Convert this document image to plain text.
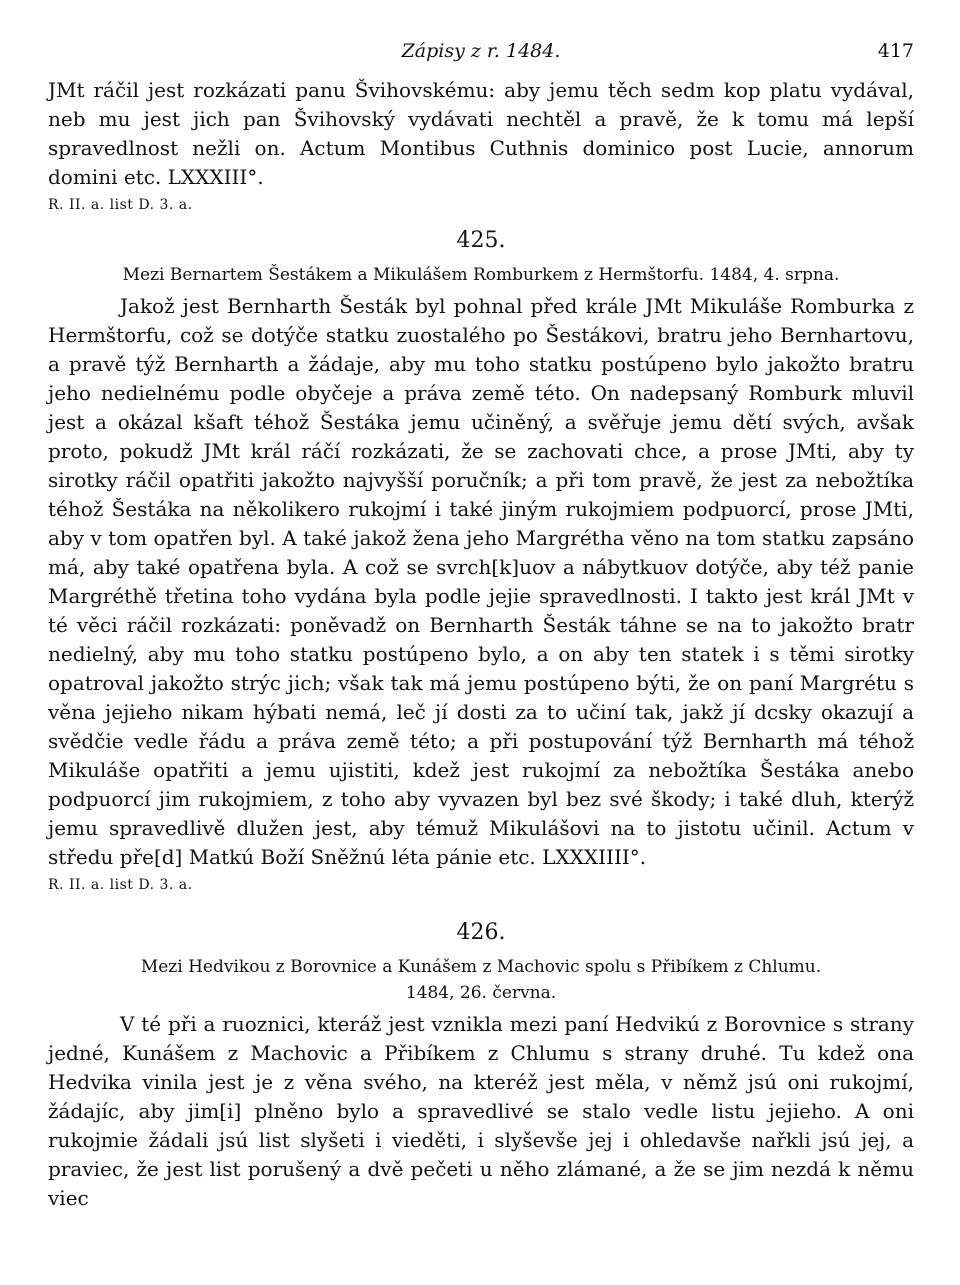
Zápisy z r. 1484.	417

JMt ráčil jest rozkázati panu Švihovskému: aby jemu těch sedm kop platu vydával, neb mu jest jich pan Švihovský vydávati nechtěl a pravě, že k tomu má lepší spravedlnost nežli on. Actum Montibus Cuthnis dominico post Lucie, annorum domini etc. LXXXIII°.

R. II. a. list D. 3. a.

425.
Mezi Bernartem Šestákem a Mikulášem Romburkem z Hermštorfu. 1484, 4. srpna.

Jakož jest Bernharth Šesták byl pohnal před krále JMt Mikuláše Romburka z Hermštorfu, což se dotýče statku zuostalého po Šestákovi, bratru jeho Bernhartovu, a pravě týž Bernharth a žádaje, aby mu toho statku postúpeno bylo jakožto bratru jeho nedielnému podle obyčeje a práva země této. On nadepsaný Romburk mluvil jest a okázal kšaft téhož Šestáka jemu učiněný, a svěřuje jemu dětí svých, avšak proto, pokudž JMt král ráčí rozkázati, že se zachovati chce, a prose JMti, aby ty sirotky ráčil opatřiti jakožto najvyšší poručník; a při tom pravě, že jest za nebožtíka téhož Šestáka na několikero rukojmí i také jiným rukojmiem podpuorcí, prose JMti, aby v tom opatřen byl. A také jakož žena jeho Margrétha věno na tom statku zapsáno má, aby také opatřena byla. A což se svrch[k]uov a nábytkuov dotýče, aby též panie Margréthě třetina toho vydána byla podle jejie spravedlnosti. I takto jest král JMt v té věci ráčil rozkázati: poněvadž on Bernharth Šesták táhne se na to jakožto bratr nedielný, aby mu toho statku postúpeno bylo, a on aby ten statek i s těmi sirotky opatroval jakožto strýc jich; však tak má jemu postúpeno býti, že on paní Margrétu s věna jejieho nikam hýbati nemá, leč jí dosti za to učiní tak, jakž jí dcsky okazují a svědčie vedle řádu a práva země této; a při postupování týž Bernharth má téhož Mikuláše opatřiti a jemu ujistiti, kdež jest rukojmí za nebožtíka Šestáka anebo podpuorcí jim rukojmiem, z toho aby vyvazen byl bez své škody; i také dluh, kterýž jemu spravedlivě dlužen jest, aby témuž Mikulášovi na to jistotu učinil. Actum v středu pře[d] Matkú Boží Sněžnú léta pánie etc. LXXXIIII°.

R. II. a. list D. 3. a.

426.
Mezi Hedvikou z Borovnice a Kunášem z Machovic spolu s Přibíkem z Chlumu.
1484, 26. června.

V té při a ruoznici, kteráž jest vznikla mezi paní Hedvikú z Borovnice s strany jedné, Kunášem z Machovic a Přibíkem z Chlumu s strany druhé. Tu kdež ona Hedvika vinila jest je z věna svého, na kteréž jest měla, v němž jsú oni rukojmí, žádajíc, aby jim[i] plněno bylo a spravedlivé se stalo vedle listu jejieho. A oni rukojmie žádali jsú list slyšeti i vieděti, i slyševše jej i ohledavše nařkli jsú jej, a praviec, že jest list porušený a dvě pečeti u něho zlámané, a že se jim nezdá k němu viec
